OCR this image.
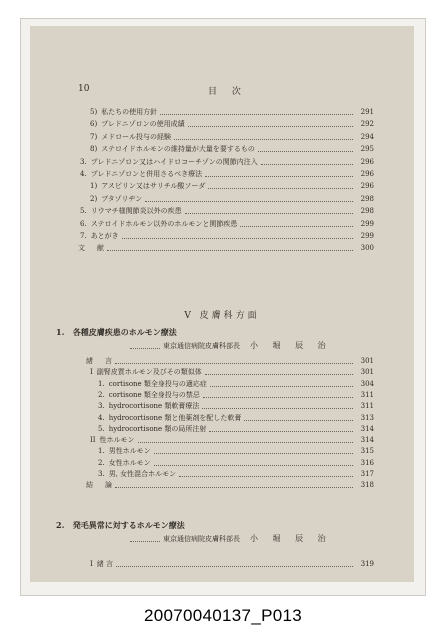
10	目 次
V 皮膚科方面
1. 各種皮膚疾患のホルモン療法
東京通信病院皮膚科部長 小 堀 辰 治
2. 発毛異常に対するホルモン療法
東京通信病院皮膚科部長 小 堀 辰 治
5) 私たちの使用方針	291
6) プレドニゾロンの使用成績	292
7) メドロール投与の経験	294
8) ステロイドホルモンの維持量が大量を要するもの	295
3. プレドニゾロン又はハイドロコーチゾンの関節内注入	296
4. プレドニゾロンと併用さるべき療法	296
1) アスピリン又はサリチル酸ソーダ	296
2) ブタゾリヂン	298
5. リウマチ様関節炎以外の疾患	298
6. ステロイドホルモン以外のホルモンと関節疾患	299
7. あとがき	299
文 献	300
緒 言	301
I 副腎皮質ホルモン及びその類似体	301
1. cortisone 類全身投与の適応症	304
2. cortisone 類全身投与の禁忌	311
3. hydrocortisone 類軟膏療法	311
4. hydrocortisone 類と他薬剤を配した軟膏	313
5. hydrocortisone 類の局所注射	314
II 性ホルモン	314
1. 男性ホルモン	315
2. 女性ホルモン	316
3. 男, 女性混合ホルモン	317
結 論	318
I 緒 言	319
20070040137_P013
